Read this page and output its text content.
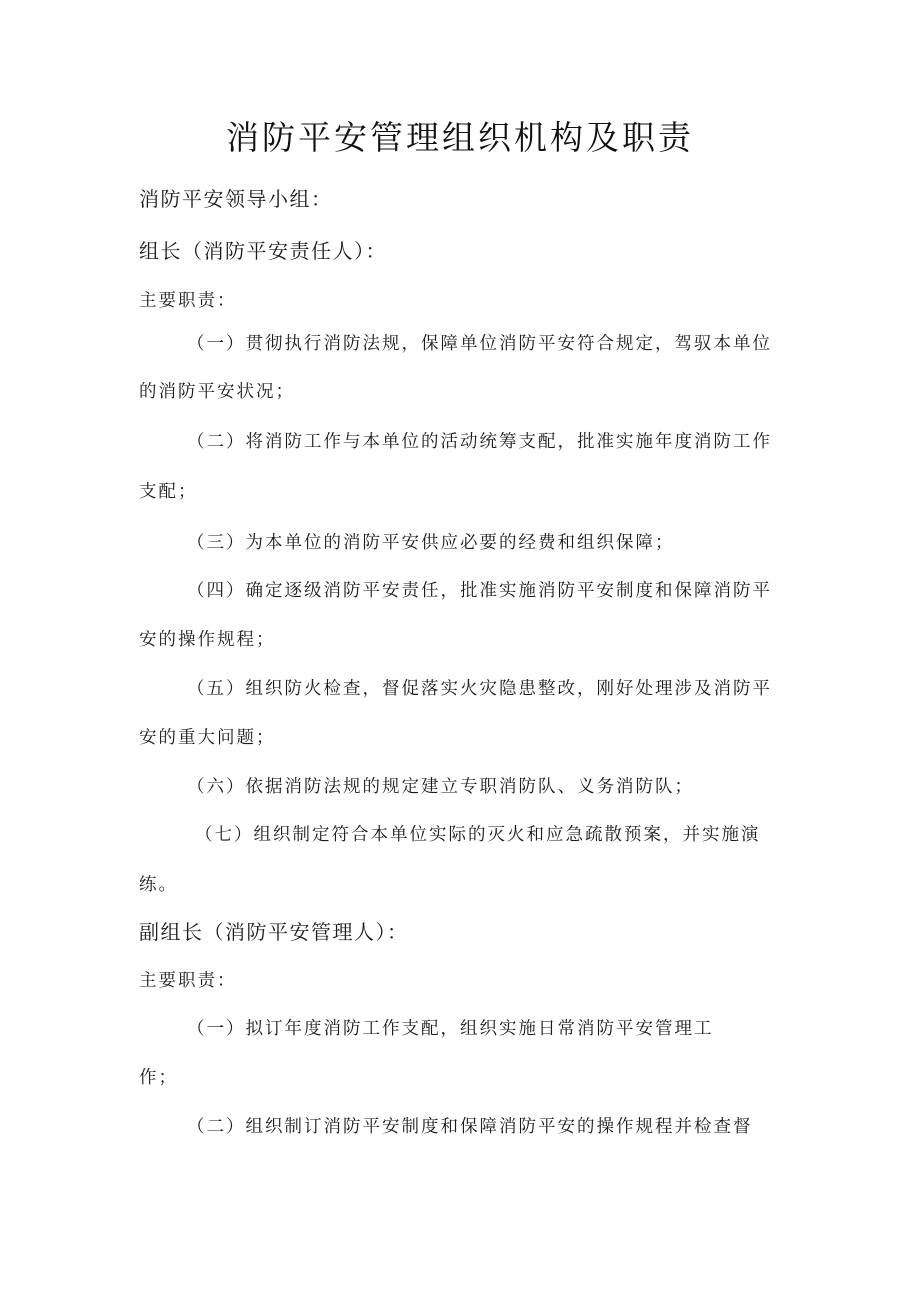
消防平安管理组织机构及职责
消防平安领导小组：
组长（消防平安责任人）：
主要职责：
（一）贯彻执行消防法规，保障单位消防平安符合规定，驾驭本单位
的消防平安状况；
（二）将消防工作与本单位的活动统筹支配，批准实施年度消防工作
支配；
（三）为本单位的消防平安供应必要的经费和组织保障；
（四）确定逐级消防平安责任，批准实施消防平安制度和保障消防平
安的操作规程；
（五）组织防火检查，督促落实火灾隐患整改，刚好处理涉及消防平
安的重大问题；
（六）依据消防法规的规定建立专职消防队、义务消防队；
（七）组织制定符合本单位实际的灭火和应急疏散预案，并实施演
练。
副组长（消防平安管理人）：
主要职责：
（一）拟订年度消防工作支配，组织实施日常消防平安管理工
作；
（二）组织制订消防平安制度和保障消防平安的操作规程并检查督
